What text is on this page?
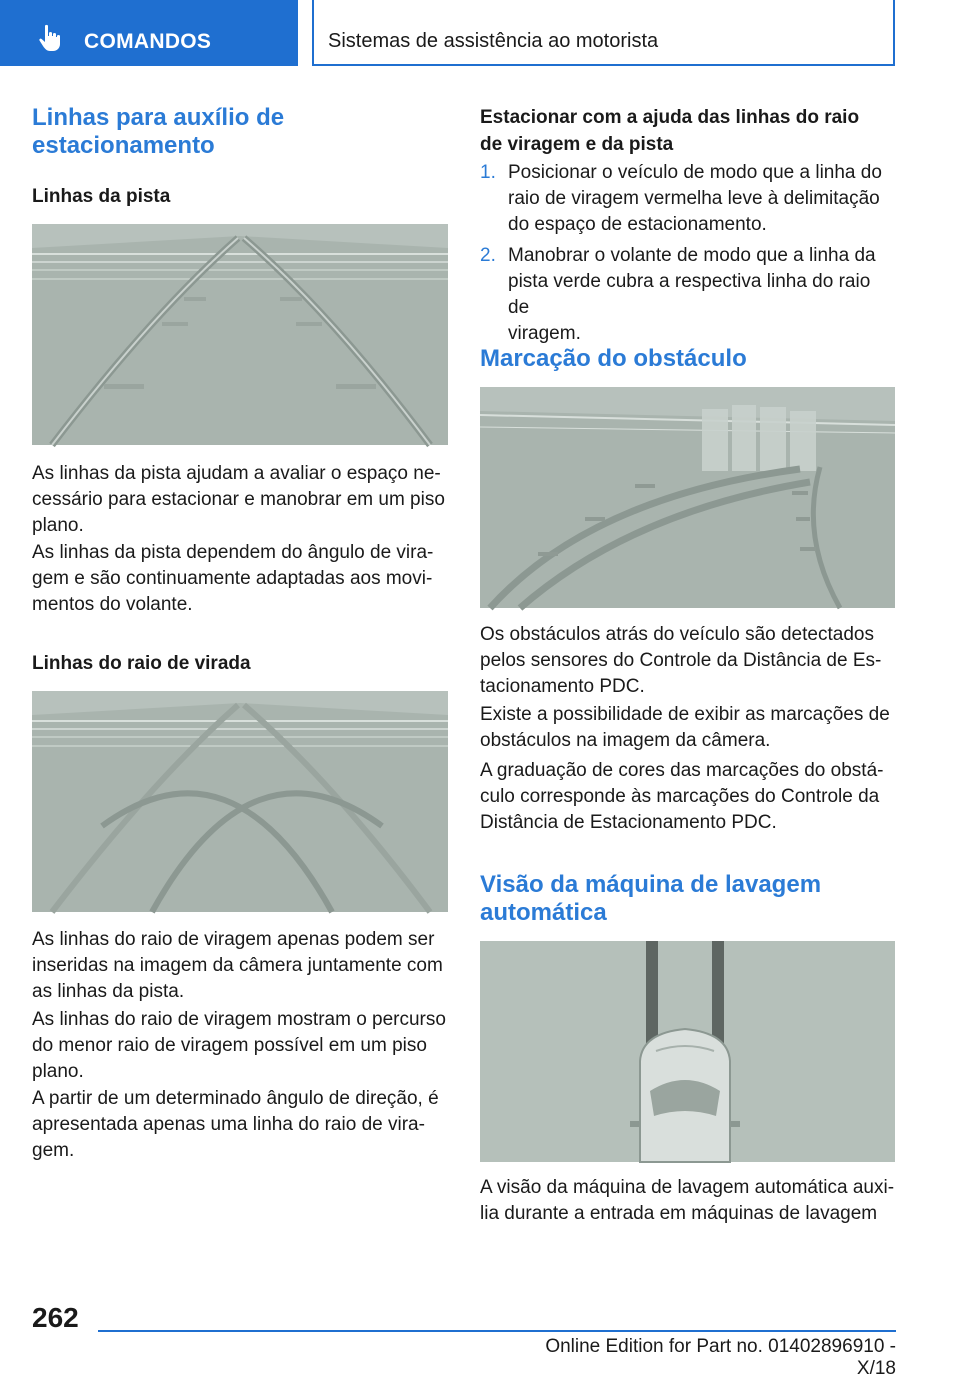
COMANDOS	Sistemas de assistência ao motorista
Linhas para auxílio de
estacionamento
Linhas da pista
As linhas da pista ajudam a avaliar o espaço ne-
cessário para estacionar e manobrar em um piso
plano.
As linhas da pista dependem do ângulo de vira-
gem e são continuamente adaptadas aos movi-
mentos do volante.
Linhas do raio de virada
As linhas do raio de viragem apenas podem ser
inseridas na imagem da câmera juntamente com
as linhas da pista.
As linhas do raio de viragem mostram o percurso
do menor raio de viragem possível em um piso
plano.
A partir de um determinado ângulo de direção, é
apresentada apenas uma linha do raio de vira-
gem.
Estacionar com a ajuda das linhas do raio
de viragem e da pista
1. Posicionar o veículo de modo que a linha do
raio de viragem vermelha leve à delimitação
do espaço de estacionamento.
2. Manobrar o volante de modo que a linha da
pista verde cubra a respectiva linha do raio de
viragem.
Marcação do obstáculo
Os obstáculos atrás do veículo são detectados
pelos sensores do Controle da Distância de Es-
tacionamento PDC.
Existe a possibilidade de exibir as marcações de
obstáculos na imagem da câmera.
A graduação de cores das marcações do obstá-
culo corresponde às marcações do Controle da
Distância de Estacionamento PDC.
Visão da máquina de lavagem
automática
A visão da máquina de lavagem automática auxi-
lia durante a entrada em máquinas de lavagem
262
Online Edition for Part no. 01402896910 - X/18
